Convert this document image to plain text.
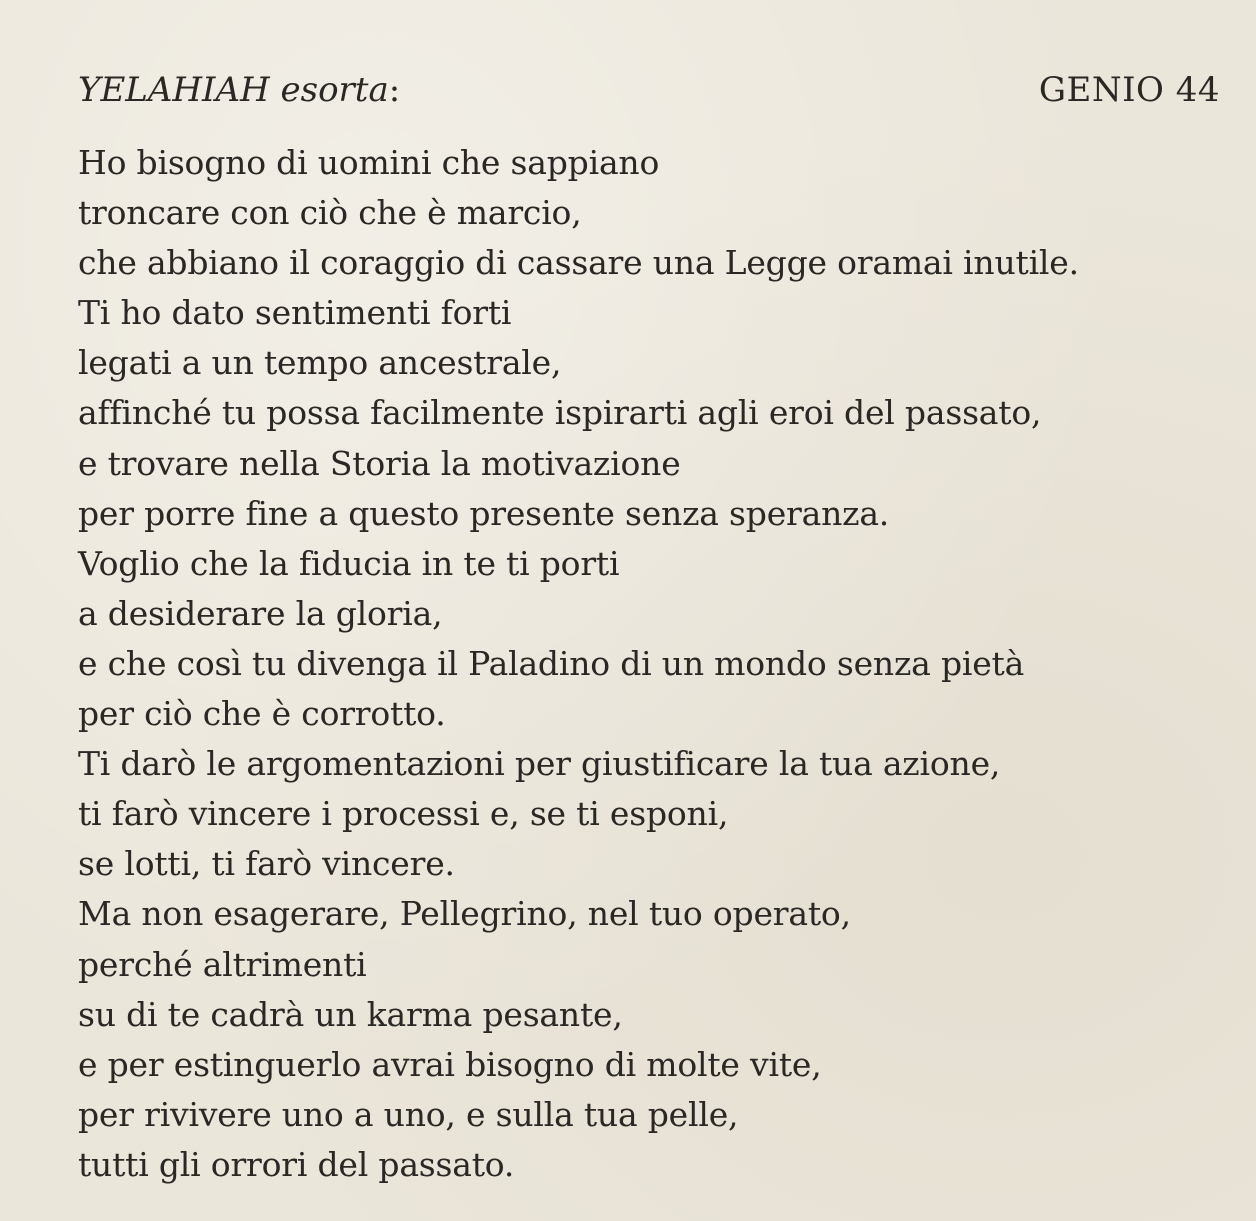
YELAHIAH esorta:	GENIO 44
Ho bisogno di uomini che sappiano
troncare con ciò che è marcio,
che abbiano il coraggio di cassare una Legge oramai inutile.
Ti ho dato sentimenti forti
legati a un tempo ancestrale,
affinché tu possa facilmente ispirarti agli eroi del passato,
e trovare nella Storia la motivazione
per porre fine a questo presente senza speranza.
Voglio che la fiducia in te ti porti
a desiderare la gloria,
e che così tu divenga il Paladino di un mondo senza pietà
per ciò che è corrotto.
Ti darò le argomentazioni per giustificare la tua azione,
ti farò vincere i processi e, se ti esponi,
se lotti, ti farò vincere.
Ma non esagerare, Pellegrino, nel tuo operato,
perché altrimenti
su di te cadrà un karma pesante,
e per estinguerlo avrai bisogno di molte vite,
per rivivere uno a uno, e sulla tua pelle,
tutti gli orrori del passato.
